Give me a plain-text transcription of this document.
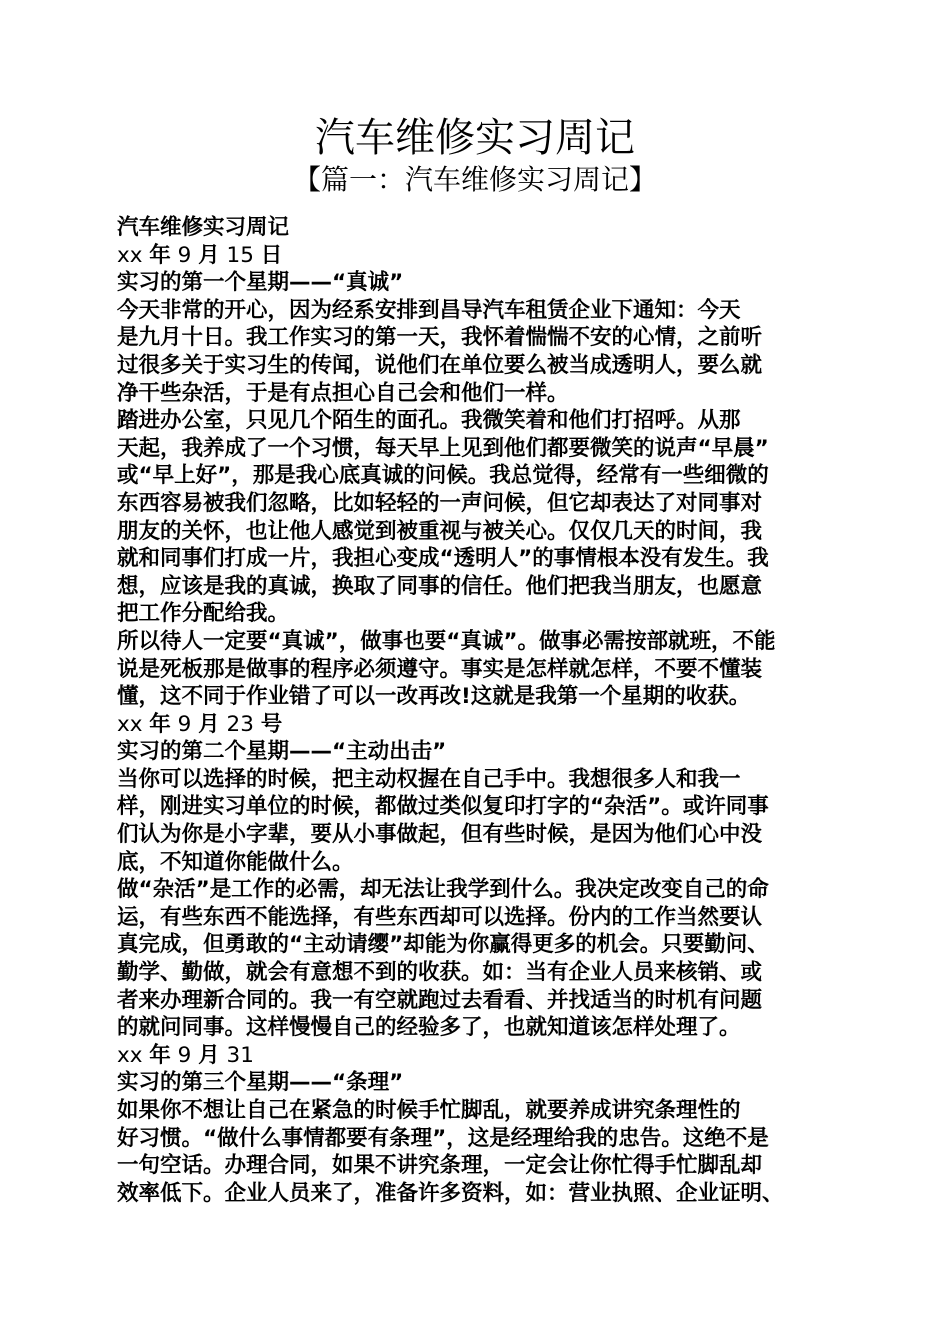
汽车维修实习周记
【篇一：汽车维修实习周记】
汽车维修实习周记
xx 年 9 月 15 日
实习的第一个星期——“真诚”
今天非常的开心，因为经系安排到昌导汽车租赁企业下通知：今天
是九月十日。我工作实习的第一天，我怀着惴惴不安的心情，之前听
过很多关于实习生的传闻，说他们在单位要么被当成透明人，要么就
净干些杂活，于是有点担心自己会和他们一样。
踏进办公室，只见几个陌生的面孔。我微笑着和他们打招呼。从那
天起，我养成了一个习惯，每天早上见到他们都要微笑的说声“早晨”
或“早上好”，那是我心底真诚的问候。我总觉得，经常有一些细微的
东西容易被我们忽略，比如轻轻的一声问候，但它却表达了对同事对
朋友的关怀，也让他人感觉到被重视与被关心。仅仅几天的时间，我
就和同事们打成一片，我担心变成“透明人”的事情根本没有发生。我
想，应该是我的真诚，换取了同事的信任。他们把我当朋友，也愿意
把工作分配给我。
所以待人一定要“真诚”，做事也要“真诚”。做事必需按部就班，不能
说是死板那是做事的程序必须遵守。事实是怎样就怎样，不要不懂装
懂，这不同于作业错了可以一改再改!这就是我第一个星期的收获。
xx 年 9 月 23 号
实习的第二个星期——“主动出击”
当你可以选择的时候，把主动权握在自己手中。我想很多人和我一
样，刚进实习单位的时候，都做过类似复印打字的“杂活”。或许同事
们认为你是小字辈，要从小事做起，但有些时候，是因为他们心中没
底，不知道你能做什么。
做“杂活”是工作的必需，却无法让我学到什么。我决定改变自己的命
运，有些东西不能选择，有些东西却可以选择。份内的工作当然要认
真完成，但勇敢的“主动请缨”却能为你赢得更多的机会。只要勤问、
勤学、勤做，就会有意想不到的收获。如：当有企业人员来核销、或
者来办理新合同的。我一有空就跑过去看看、并找适当的时机有问题
的就问同事。这样慢慢自己的经验多了，也就知道该怎样处理了。
xx 年 9 月 31
实习的第三个星期——“条理”
如果你不想让自己在紧急的时候手忙脚乱，就要养成讲究条理性的
好习惯。“做什么事情都要有条理”，这是经理给我的忠告。这绝不是
一句空话。办理合同，如果不讲究条理，一定会让你忙得手忙脚乱却
效率低下。企业人员来了，准备许多资料，如：营业执照、企业证明、
